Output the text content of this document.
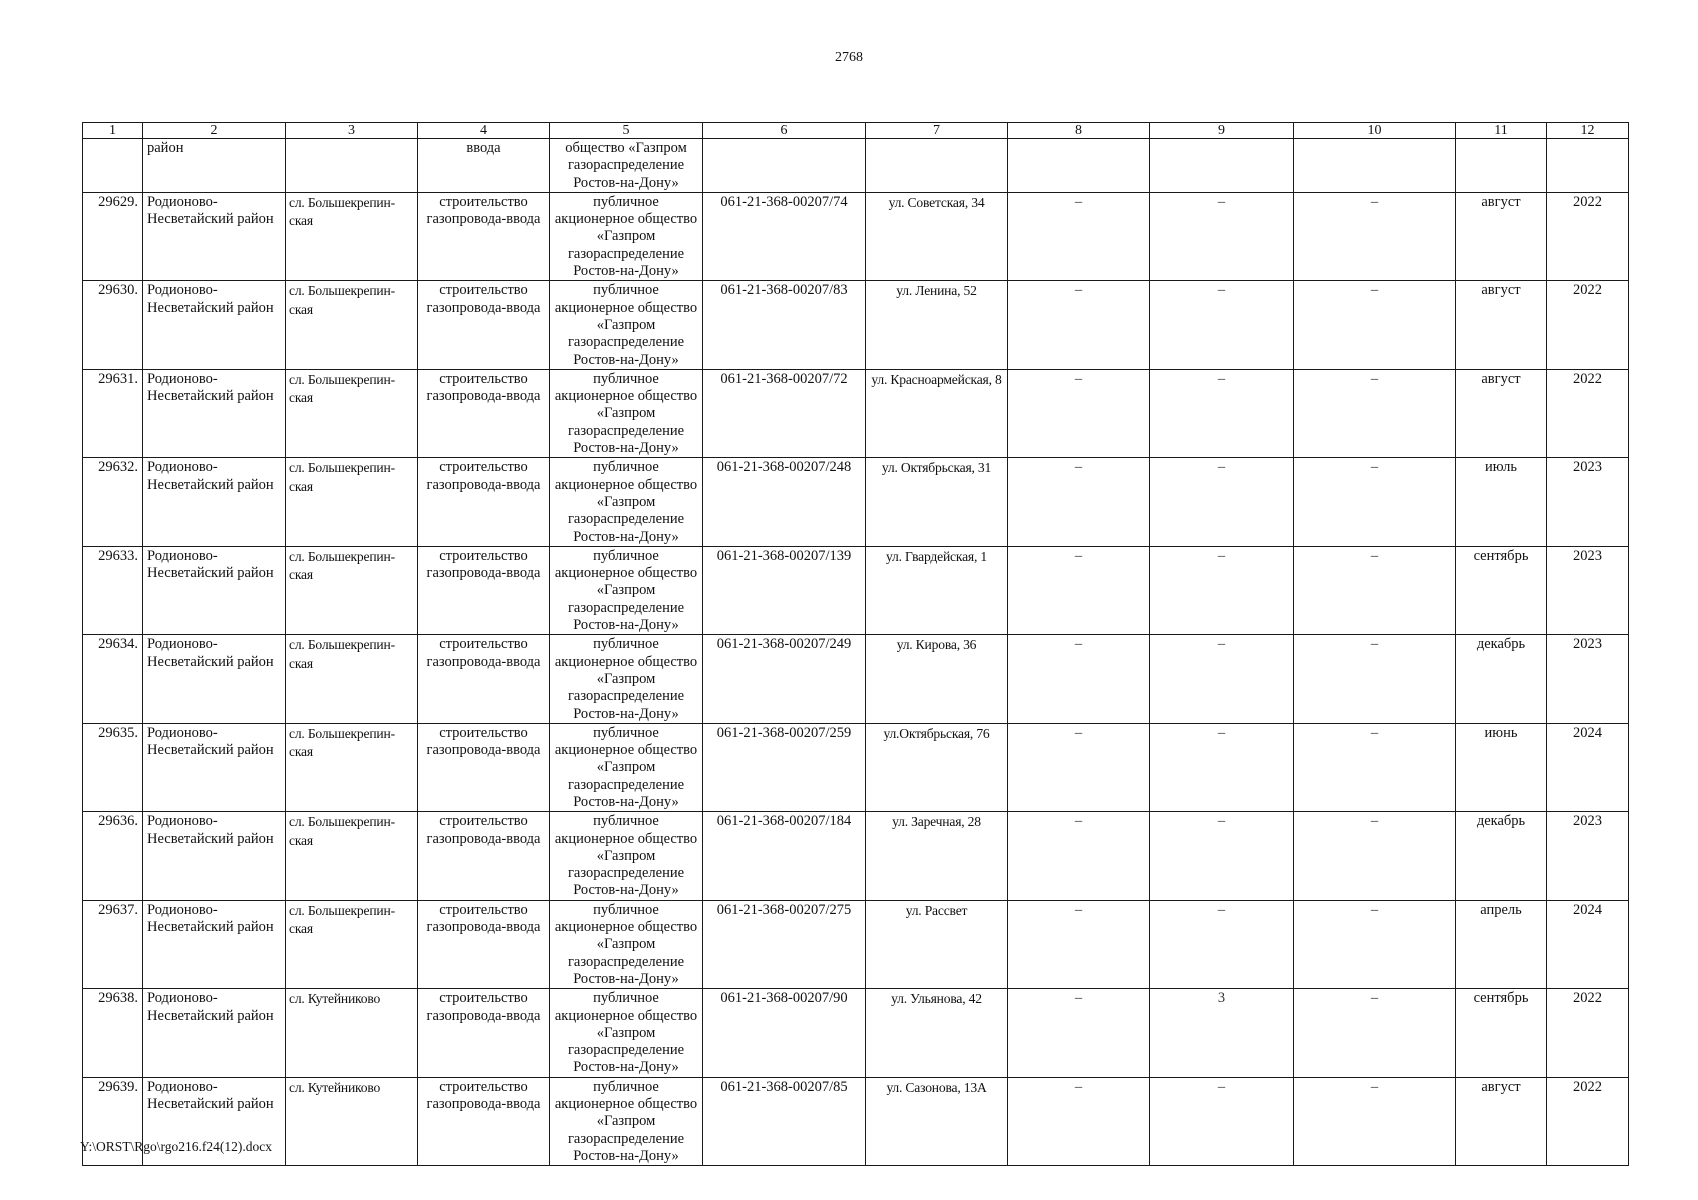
2768
1	2	3	4	5	6	7	8	9	10	11	12
	район		ввода	общество «Газпром газораспределение Ростов-на-Дону»							
29629.	Родионово-Несветайский район	сл. Большекрепин-ская	строительство газопровода-ввода	публичное акционерное общество «Газпром газораспределение Ростов-на-Дону»	061-21-368-00207/74	ул. Советская, 34	–	–	–	август	2022
29630.	Родионово-Несветайский район	сл. Большекрепин-ская	строительство газопровода-ввода	публичное акционерное общество «Газпром газораспределение Ростов-на-Дону»	061-21-368-00207/83	ул. Ленина, 52	–	–	–	август	2022
29631.	Родионово-Несветайский район	сл. Большекрепин-ская	строительство газопровода-ввода	публичное акционерное общество «Газпром газораспределение Ростов-на-Дону»	061-21-368-00207/72	ул. Красноармейская, 8	–	–	–	август	2022
29632.	Родионово-Несветайский район	сл. Большекрепин-ская	строительство газопровода-ввода	публичное акционерное общество «Газпром газораспределение Ростов-на-Дону»	061-21-368-00207/248	ул. Октябрьская, 31	–	–	–	июль	2023
29633.	Родионово-Несветайский район	сл. Большекрепин-ская	строительство газопровода-ввода	публичное акционерное общество «Газпром газораспределение Ростов-на-Дону»	061-21-368-00207/139	ул. Гвардейская, 1	–	–	–	сентябрь	2023
29634.	Родионово-Несветайский район	сл. Большекрепин-ская	строительство газопровода-ввода	публичное акционерное общество «Газпром газораспределение Ростов-на-Дону»	061-21-368-00207/249	ул. Кирова, 36	–	–	–	декабрь	2023
29635.	Родионово-Несветайский район	сл. Большекрепин-ская	строительство газопровода-ввода	публичное акционерное общество «Газпром газораспределение Ростов-на-Дону»	061-21-368-00207/259	ул.Октябрьская, 76	–	–	–	июнь	2024
29636.	Родионово-Несветайский район	сл. Большекрепин-ская	строительство газопровода-ввода	публичное акционерное общество «Газпром газораспределение Ростов-на-Дону»	061-21-368-00207/184	ул. Заречная, 28	–	–	–	декабрь	2023
29637.	Родионово-Несветайский район	сл. Большекрепин-ская	строительство газопровода-ввода	публичное акционерное общество «Газпром газораспределение Ростов-на-Дону»	061-21-368-00207/275	ул. Рассвет	–	–	–	апрель	2024
29638.	Родионово-Несветайский район	сл. Кутейниково	строительство газопровода-ввода	публичное акционерное общество «Газпром газораспределение Ростов-на-Дону»	061-21-368-00207/90	ул. Ульянова, 42	–	3	–	сентябрь	2022
29639.	Родионово-Несветайский район	сл. Кутейниково	строительство газопровода-ввода	публичное акционерное общество «Газпром газораспределение Ростов-на-Дону»	061-21-368-00207/85	ул. Сазонова, 13А	–	–	–	август	2022
Y:\ORST\Rgo\rgo216.f24(12).docx
